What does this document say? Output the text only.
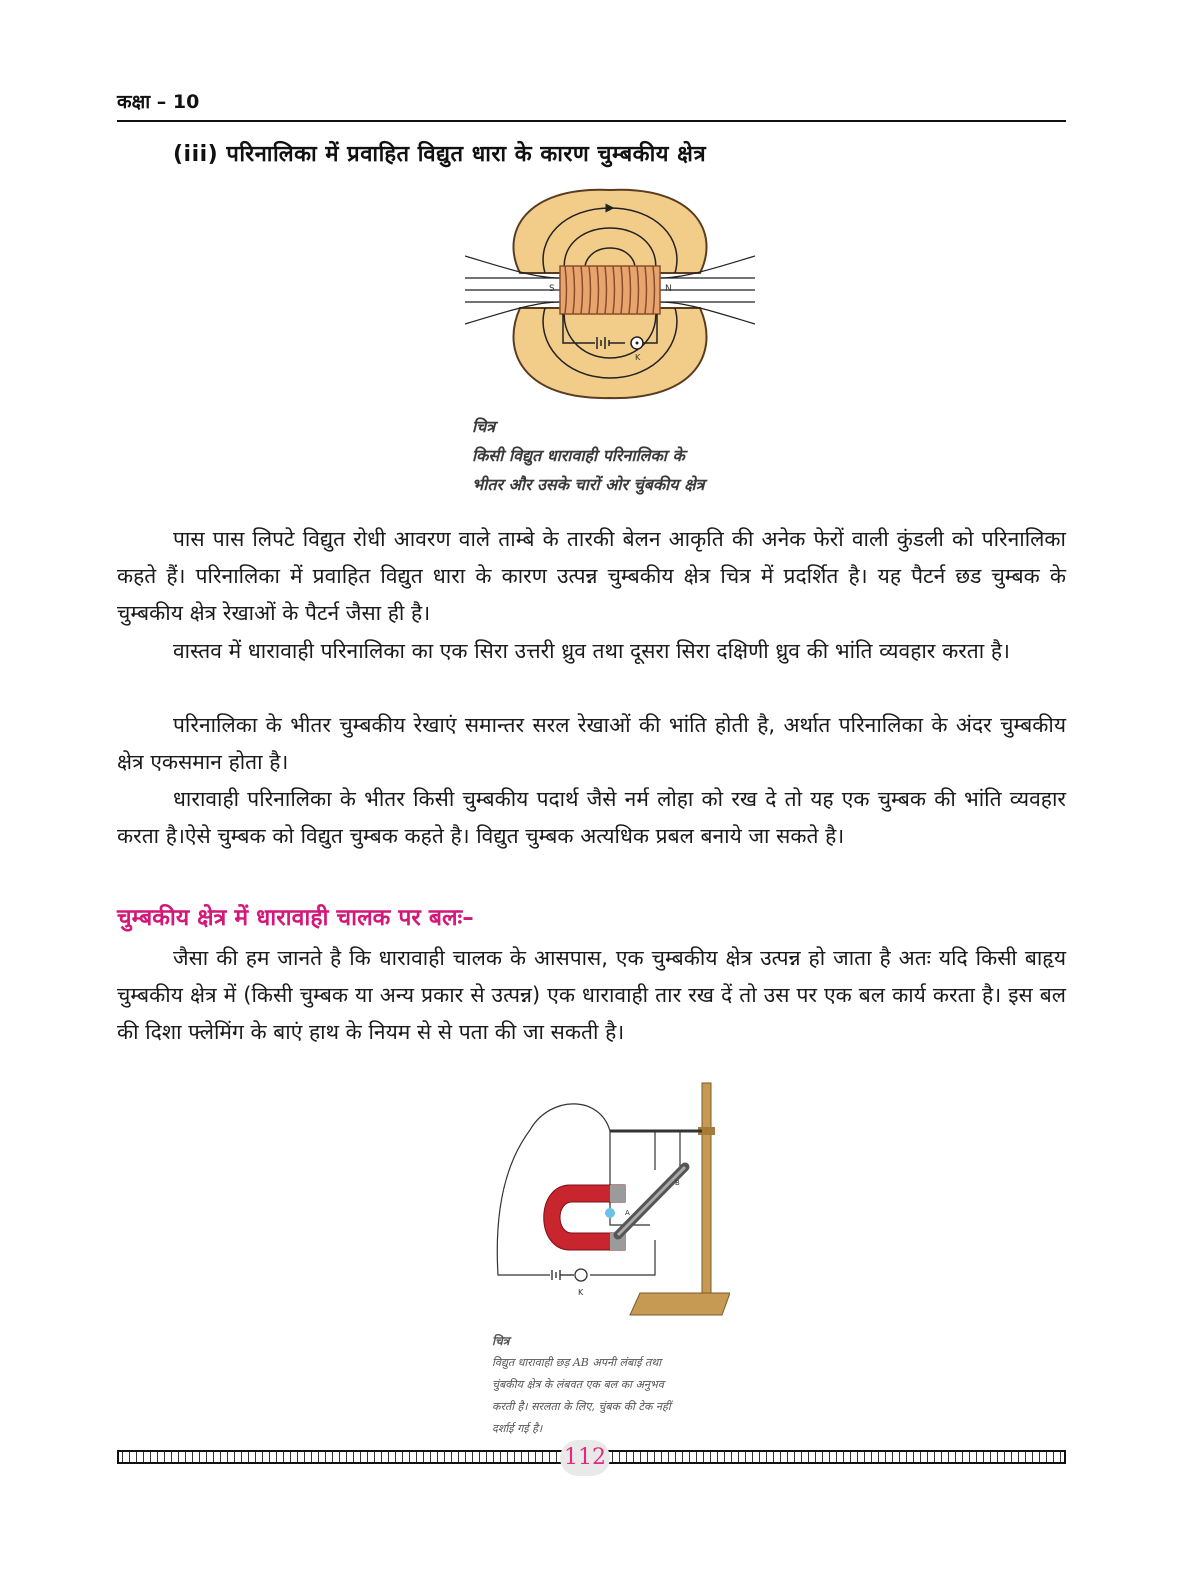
कक्षा – 10
(iii) परिनालिका में प्रवाहित विद्युत धारा के कारण चुम्बकीय क्षेत्र
S	N
K
चित्र
किसी विद्युत धारावाही परिनालिका के
भीतर और उसके चारों ओर चुंबकीय क्षेत्र

पास पास लिपटे विद्युत रोधी आवरण वाले ताम्बे के तारकी बेलन आकृति की अनेक फेरों वाली कुंडली को परिनालिका कहते हैं। परिनालिका में प्रवाहित विद्युत धारा के कारण उत्पन्न चुम्बकीय क्षेत्र चित्र में प्रदर्शित है। यह पैटर्न छड चुम्बक के चुम्बकीय क्षेत्र रेखाओं के पैटर्न जैसा ही है।

वास्तव में धारावाही परिनालिका का एक सिरा उत्तरी ध्रुव तथा दूसरा सिरा दक्षिणी ध्रुव की भांति व्यवहार करता है।

परिनालिका के भीतर चुम्बकीय रेखाएं समान्तर सरल रेखाओं की भांति होती है, अर्थात परिनालिका के अंदर चुम्बकीय क्षेत्र एकसमान होता है।

धारावाही परिनालिका के भीतर किसी चुम्बकीय पदार्थ जैसे नर्म लोहा को रख दे तो यह एक चुम्बक की भांति व्यवहार करता है।ऐसे चुम्बक को विद्युत चुम्बक कहते है। विद्युत चुम्बक अत्यधिक प्रबल बनाये जा सकते है।

चुम्बकीय क्षेत्र में धारावाही चालक पर बलः–

जैसा की हम जानते है कि धारावाही चालक के आसपास, एक चुम्बकीय क्षेत्र उत्पन्न हो जाता है अतः यदि किसी बाहृय चुम्बकीय क्षेत्र में (किसी चुम्बक या अन्य प्रकार से उत्पन्न) एक धारावाही तार रख दें तो उस पर एक बल कार्य करता है। इस बल की दिशा फ्लेमिंग के बाएं हाथ के नियम से से पता की जा सकती है।

K
B
A
चित्र
विद्युत धारावाही छड़ AB अपनी लंबाई तथा
चुंबकीय क्षेत्र के लंबवत एक बल का अनुभव
करती है। सरलता के लिए, चुंबक की टेक नहीं
दर्शाई गई है।
112
